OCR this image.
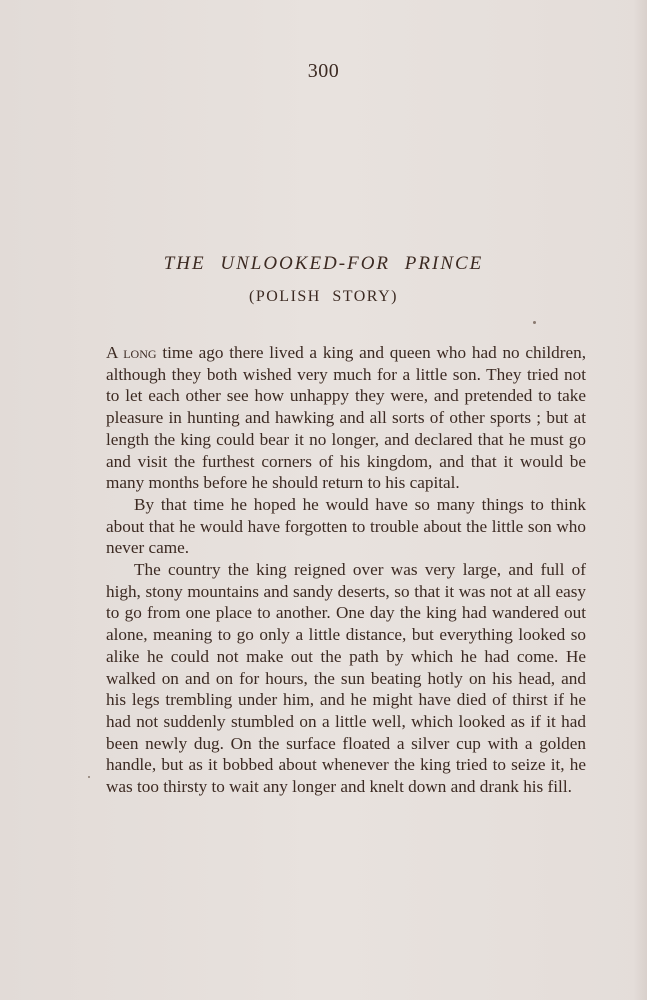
300
THE UNLOOKED-FOR PRINCE
(POLISH STORY)

A long time ago there lived a king and queen who had no children, although they both wished very much for a little son. They tried not to let each other see how unhappy they were, and pretended to take pleasure in hunting and hawking and all sorts of other sports ; but at length the king could bear it no longer, and declared that he must go and visit the furthest corners of his kingdom, and that it would be many months before he should return to his capital.

By that time he hoped he would have so many things to think about that he would have forgotten to trouble about the little son who never came.

The country the king reigned over was very large, and full of high, stony mountains and sandy deserts, so that it was not at all easy to go from one place to another. One day the king had wandered out alone, meaning to go only a little distance, but everything looked so alike he could not make out the path by which he had come. He walked on and on for hours, the sun beating hotly on his head, and his legs trembling under him, and he might have died of thirst if he had not suddenly stumbled on a little well, which looked as if it had been newly dug. On the surface floated a silver cup with a golden handle, but as it bobbed about whenever the king tried to seize it, he was too thirsty to wait any longer and knelt down and drank his fill.
